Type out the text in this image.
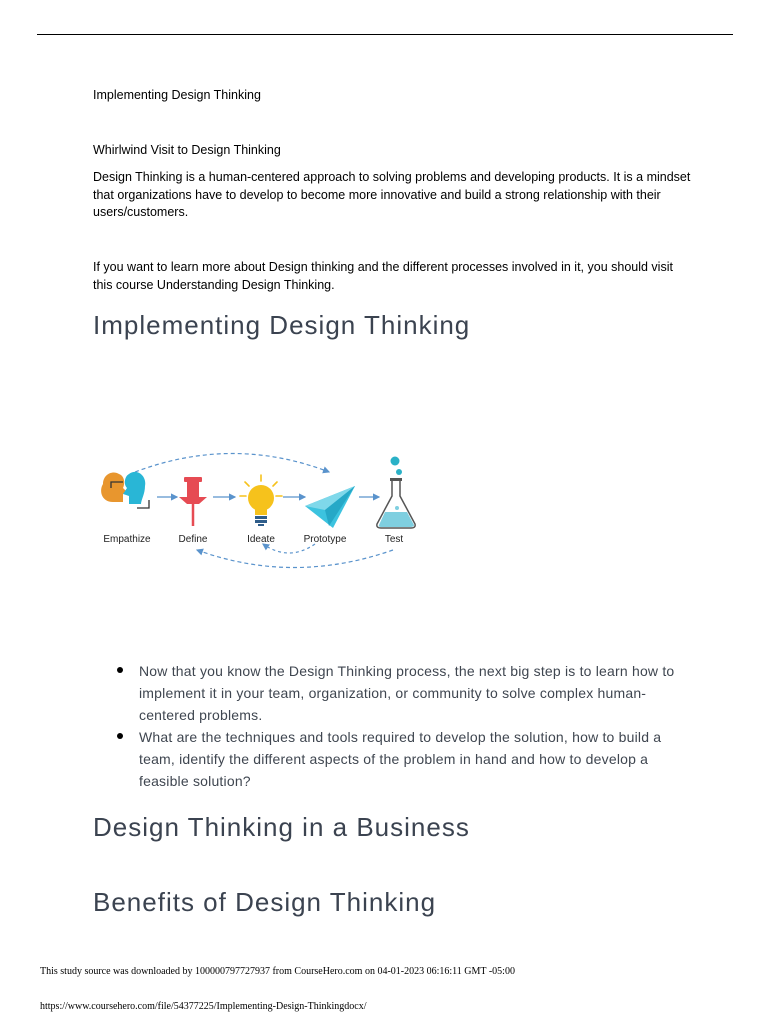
Implementing Design Thinking
Whirlwind Visit to Design Thinking
Design Thinking is a human-centered approach to solving problems and developing products. It is a mindset that organizations have to develop to become more innovative and build a strong relationship with their users/customers.
If you want to learn more about Design thinking and the different processes involved in it, you should visit this course Understanding Design Thinking.
Implementing Design Thinking
Empathize	Define	Ideate	Prototype	Test
Now that you know the Design Thinking process, the next big step is to learn how to implement it in your team, organization, or community to solve complex human-centered problems.
What are the techniques and tools required to develop the solution, how to build a team, identify the different aspects of the problem in hand and how to develop a feasible solution?
Design Thinking in a Business
Benefits of Design Thinking
This study source was downloaded by 100000797727937 from CourseHero.com on 04-01-2023 06:16:11 GMT -05:00
https://www.coursehero.com/file/54377225/Implementing-Design-Thinkingdocx/
